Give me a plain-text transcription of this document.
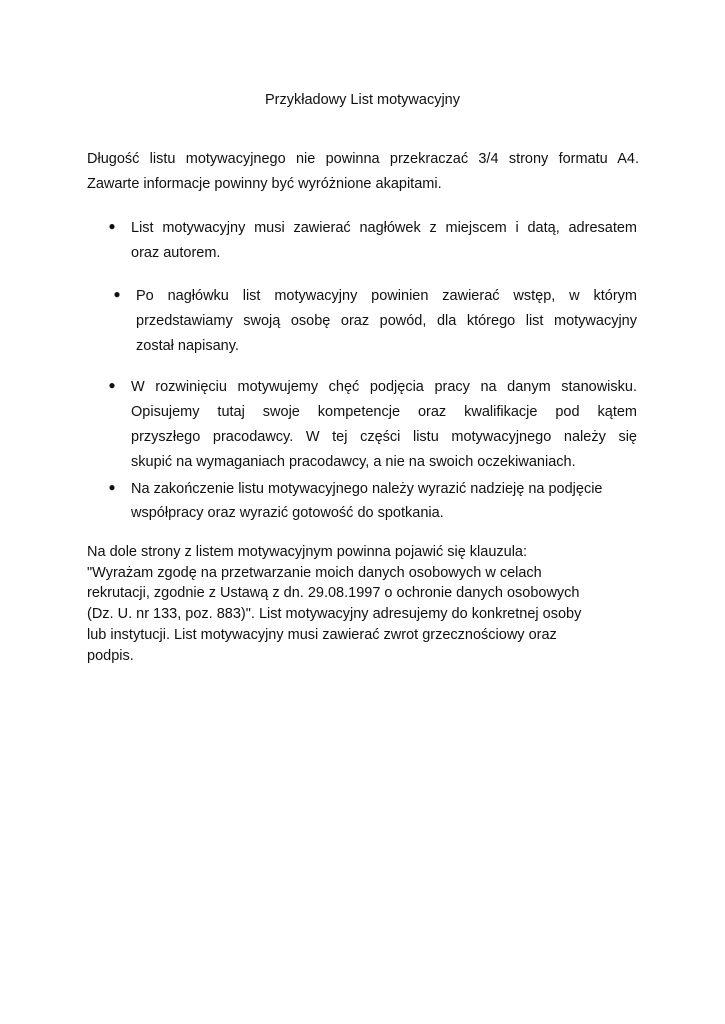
Przykładowy List motywacyjny
Długość listu motywacyjnego nie powinna przekraczać 3/4 strony formatu A4.
Zawarte informacje powinny być wyróżnione akapitami.
● List motywacyjny musi zawierać nagłówek z miejscem i datą, adresatem
oraz autorem.
● Po nagłówku list motywacyjny powinien zawierać wstęp, w którym
przedstawiamy swoją osobę oraz powód, dla którego list motywacyjny
został napisany.
● W rozwinięciu motywujemy chęć podjęcia pracy na danym stanowisku.
Opisujemy tutaj swoje kompetencje oraz kwalifikacje pod kątem
przyszłego pracodawcy. W tej części listu motywacyjnego należy się
skupić na wymaganiach pracodawcy, a nie na swoich oczekiwaniach.
● Na zakończenie listu motywacyjnego należy wyrazić nadzieję na podjęcie
współpracy oraz wyrazić gotowość do spotkania.
Na dole strony z listem motywacyjnym powinna pojawić się klauzula:
"Wyrażam zgodę na przetwarzanie moich danych osobowych w celach
rekrutacji, zgodnie z Ustawą z dn. 29.08.1997 o ochronie danych osobowych
(Dz. U. nr 133, poz. 883)". List motywacyjny adresujemy do konkretnej osoby
lub instytucji. List motywacyjny musi zawierać zwrot grzecznościowy oraz
podpis.
